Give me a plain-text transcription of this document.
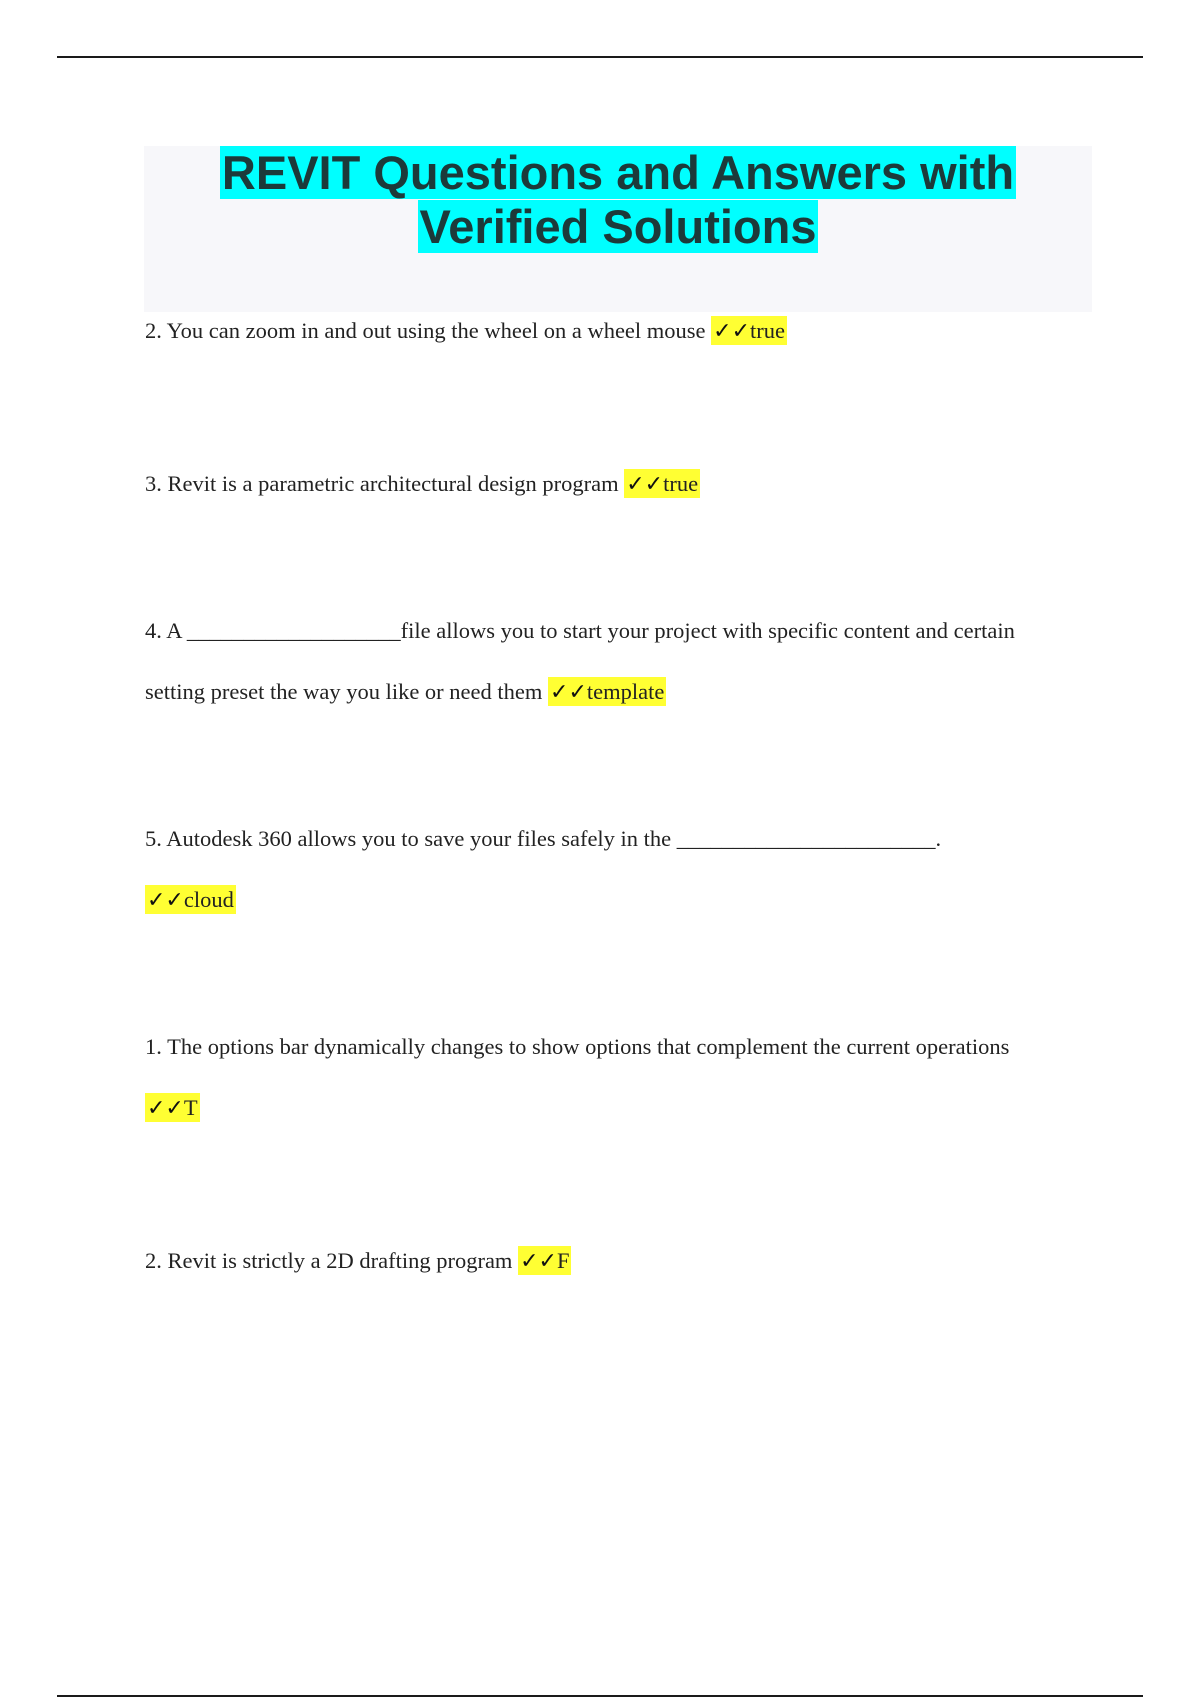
REVIT Questions and Answers with
Verified Solutions

2. You can zoom in and out using the wheel on a wheel mouse ✓✓true

3. Revit is a parametric architectural design program ✓✓true

4. A ___________________file allows you to start your project with specific content and certain
setting preset the way you like or need them ✓✓template

5. Autodesk 360 allows you to save your files safely in the _______________________.
✓✓cloud

1. The options bar dynamically changes to show options that complement the current operations
✓✓T

2. Revit is strictly a 2D drafting program ✓✓F
